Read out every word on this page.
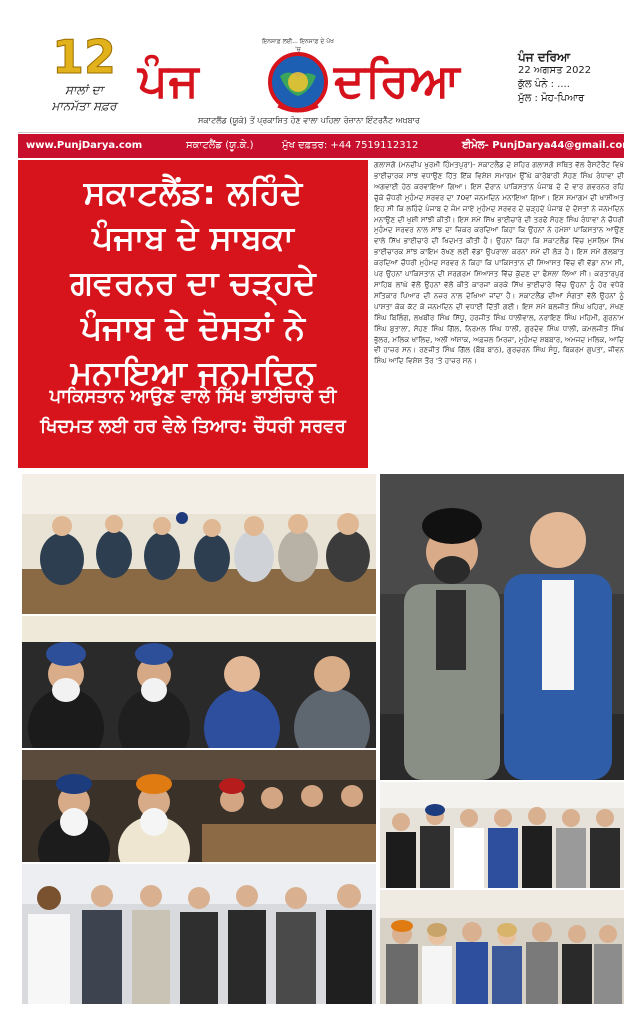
12
ਸਾਲਾਂ ਦਾ
ਮਾਨਮੱਤਾ ਸਫ਼ਰ ਪੰਜ
ਇਨਸਾਫ਼ ਲਈ... ਇਨਸਾਫ਼ ਦੇ ਪੱਖ 'ਚ
ਦਰਿਆ
ਸਕਾਟਲੈਂਡ (ਯੂਕੇ) ਤੋਂ ਪ੍ਰਕਾਸ਼ਿਤ ਹੋਣ ਵਾਲਾ ਪਹਿਲਾ ਰੋਜ਼ਾਨਾ ਇੰਟਰਨੈੱਟ ਅਖ਼ਬਾਰ
ਪੰਜ ਦਰਿਆ
22 ਅਗਸਤ 2022
ਕੁੱਲ ਪੰਨੇ : ....
ਮੁੱਲ : ਮੋਹ-ਪਿਆਰ
www.PunjDarya.com	ਸਕਾਟਲੈਂਡ (ਯੂ.ਕੇ.)	ਮੁੱਖ ਦਫ਼ਤਰ: +44 7519112312	ਈਮੇਲ- PunjDarya44@gmail.com
ਸਕਾਟਲੈਂਡ: ਲਹਿੰਦੇ
ਪੰਜਾਬ ਦੇ ਸਾਬਕਾ
ਗਵਰਨਰ ਦਾ ਚੜ੍ਹਦੇ
ਪੰਜਾਬ ਦੇ ਦੋਸਤਾਂ ਨੇ
ਮਨਾਇਆ ਜਨਮਦਿਨ
ਪਾਕਿਸਤਾਨ ਆਉਣ ਵਾਲੇ ਸਿੱਖ ਭਾਈਚਾਰੇ ਦੀ
ਖਿਦਮਤ ਲਈ ਹਰ ਵੇਲੇ ਤਿਆਰ: ਚੌਧਰੀ ਸਰਵਰ

ਗਲਾਸਗੋ (ਮਨਦੀਪ ਖੁਰਮੀ ਹਿੰਮਤਪੁਰਾ)- ਸਕਾਟਲੈਂਡ ਦੇ ਸ਼ਹਿਰ ਗਲਾਸਗੋ ਸਥਿਤ ਵੱਲ ਰੈਸਟੋਰੈਂਟ ਵਿਖੇ ਭਾਈਚਾਰਕ ਸਾਂਝ ਵਧਾਉਣ ਹਿੱਤ ਇੱਕ ਵਿਸ਼ੇਸ਼ ਸਮਾਗਮ ਉੱਘੇ ਕਾਰੋਬਾਰੀ ਸੋਹਣ ਸਿੰਘ ਰੰਧਾਵਾ ਦੀ ਅਗਵਾਈ ਹੇਠ ਕਰਵਾਇਆ ਗਿਆ। ਇਸ ਦੌਰਾਨ ਪਾਕਿਸਤਾਨ ਪੰਜਾਬ ਦੇ ਦੋ ਵਾਰ ਗਵਰਨਰ ਰਹਿ ਚੁੱਕੇ ਚੌਧਰੀ ਮੁਹੰਮਦ ਸਰਵਰ ਦਾ 70ਵਾਂ ਜਨਮਦਿਨ ਮਨਾਇਆ ਗਿਆ। ਇਸ ਸਮਾਗਮ ਦੀ ਖਾਸੀਅਤ ਇਹ ਸੀ ਕਿ ਲਹਿੰਦੇ ਪੰਜਾਬ ਦੇ ਜੰਮ ਜਾਏ ਮੁਹੰਮਦ ਸਰਵਰ ਦੇ ਚੜ੍ਹਦੇ ਪੰਜਾਬ ਦੇ ਦੋਸਤਾਂ ਨੇ ਜਨਮਦਿਨ ਮਨਾਉਣ ਦੀ ਖੁਸ਼ੀ ਸਾਂਝੀ ਕੀਤੀ। ਇਸ ਸਮੇਂ ਸਿੱਖ ਭਾਈਚਾਰੇ ਦੀ ਤਰਫੋਂ ਸੋਹਣ ਸਿੰਘ ਰੰਧਾਵਾ ਨੇ ਚੌਧਰੀ ਮੁਹੰਮਦ ਸਰਵਰ ਨਾਲ ਸਾਂਝ ਦਾ ਜ਼ਿਕਰ ਕਰਦਿਆਂ ਕਿਹਾ ਕਿ ਉਹਨਾਂ ਨੇ ਹਮੇਸ਼ਾ ਪਾਕਿਸਤਾਨ ਆਉਣ ਵਾਲੇ ਸਿੱਖ ਭਾਈਚਾਰੇ ਦੀ ਖਿਦਮਤ ਕੀਤੀ ਹੈ। ਉਹਨਾਂ ਕਿਹਾ ਕਿ ਸਕਾਟਲੈਂਡ ਵਿੱਚ ਮੁਸਲਿਮ ਸਿੱਖ ਭਾਈਚਾਰਕ ਸਾਂਝ ਕਾਇਮ ਰੱਖਣ ਲਈ ਵੱਡਾ ਉਪਰਾਲਾ ਕਰਨਾ ਸਮੇਂ ਦੀ ਲੋੜ ਹੈ। ਇਸ ਸਮੇਂ ਗੱਲਬਾਤ ਕਰਦਿਆਂ ਚੌਧਰੀ ਮੁਹੰਮਦ ਸਰਵਰ ਨੇ ਕਿਹਾ ਕਿ ਪਾਕਿਸਤਾਨ ਦੀ ਸਿਆਸਤ ਵਿੱਚ ਵੀ ਵੱਡਾ ਨਾਮ ਸੀ, ਪਰ ਉਹਨਾਂ ਪਾਕਿਸਤਾਨ ਦੀ ਸਰਗਰਮ ਸਿਆਸਤ ਵਿੱਚ ਕੁੱਦਣ ਦਾ ਫੈਸਲਾ ਲਿਆ ਸੀ। ਕਰਤਾਰਪੁਰ ਸਾਹਿਬ ਲਾਂਘੇ ਵੱਲੋਂ ਉਹਨਾਂ ਵੱਲੋਂ ਕੀਤੇ ਕਾਰਜਾਂ ਕਰਕੇ ਸਿੱਖ ਭਾਈਚਾਰੇ ਵਿੱਚ ਉਹਨਾਂ ਨੂੰ ਹੋਰ ਵਧੇਰੇ ਸਤਿਕਾਰ ਪਿਆਰ ਦੀ ਨਜ਼ਰ ਨਾਲ ਦੇਖਿਆ ਜਾਂਦਾ ਹੈ। ਸਕਾਟਲੈਂਡ ਦੀਆਂ ਸੰਗਤਾਂ ਵੱਲੋਂ ਉਹਨਾਂ ਨੂੰ ਪਾਸ਼ਤਾ ਕੇਕ ਕੱਟ ਕੇ ਜਨਮਦਿਨ ਦੀ ਵਧਾਈ ਦਿੱਤੀ ਗਈ। ਇਸ ਸਮੇਂ ਬਲਜੀਤ ਸਿੰਘ ਖਹਿਰਾ, ਮੱਖਣ ਸਿੰਘ ਬਿਲਿੰਗ, ਲਖਬੀਰ ਸਿੰਘ ਸਿੱਧੂ, ਹਰਜੀਤ ਸਿੰਘ ਧਾਲੀਵਾਲ, ਨਰਾਇਣ ਸਿੰਘ ਮਹਿਮੀ, ਗੁਰਨਾਮ ਸਿੰਘ ਬੁਤਾਲਾ, ਸੋਹਣ ਸਿੰਘ ਗਿੱਲ, ਨਿਰਮਲ ਸਿੰਘ ਧਾਲੀ, ਗੁਰਦੇਵ ਸਿੰਘ ਧਾਲੀ, ਕਮਲਜੀਤ ਸਿੰਘ ਭੁੱਲਰ, ਮਲਿਕ ਖਾਲਿਦ, ਅਲੀ ਅੱਸ਼ਾਕ, ਅਫ਼ਜ਼ਲ ਮਿਰਜ਼ਾ, ਮੁਹੰਮਦ ਸ਼ਬਬਾਰ, ਅਮਜਦ ਮਲਿਕ, ਆਦਿ ਵੀ ਹਾਜ਼ਰ ਸਨ। ਰਣਜੀਤ ਸਿੰਘ ਗਿੱਲ (ਬੌਬ ਬਾਠ), ਗੁਰਚਰਨ ਸਿੰਘ ਸੰਧੂ, ਬਿਕਰਮ ਗੁਪਤਾ, ਜੀਵਨ ਸਿੰਘ ਆਦਿ ਵਿਸ਼ੇਸ਼ ਤੌਰ 'ਤੇ ਹਾਜ਼ਰ ਸਨ।
